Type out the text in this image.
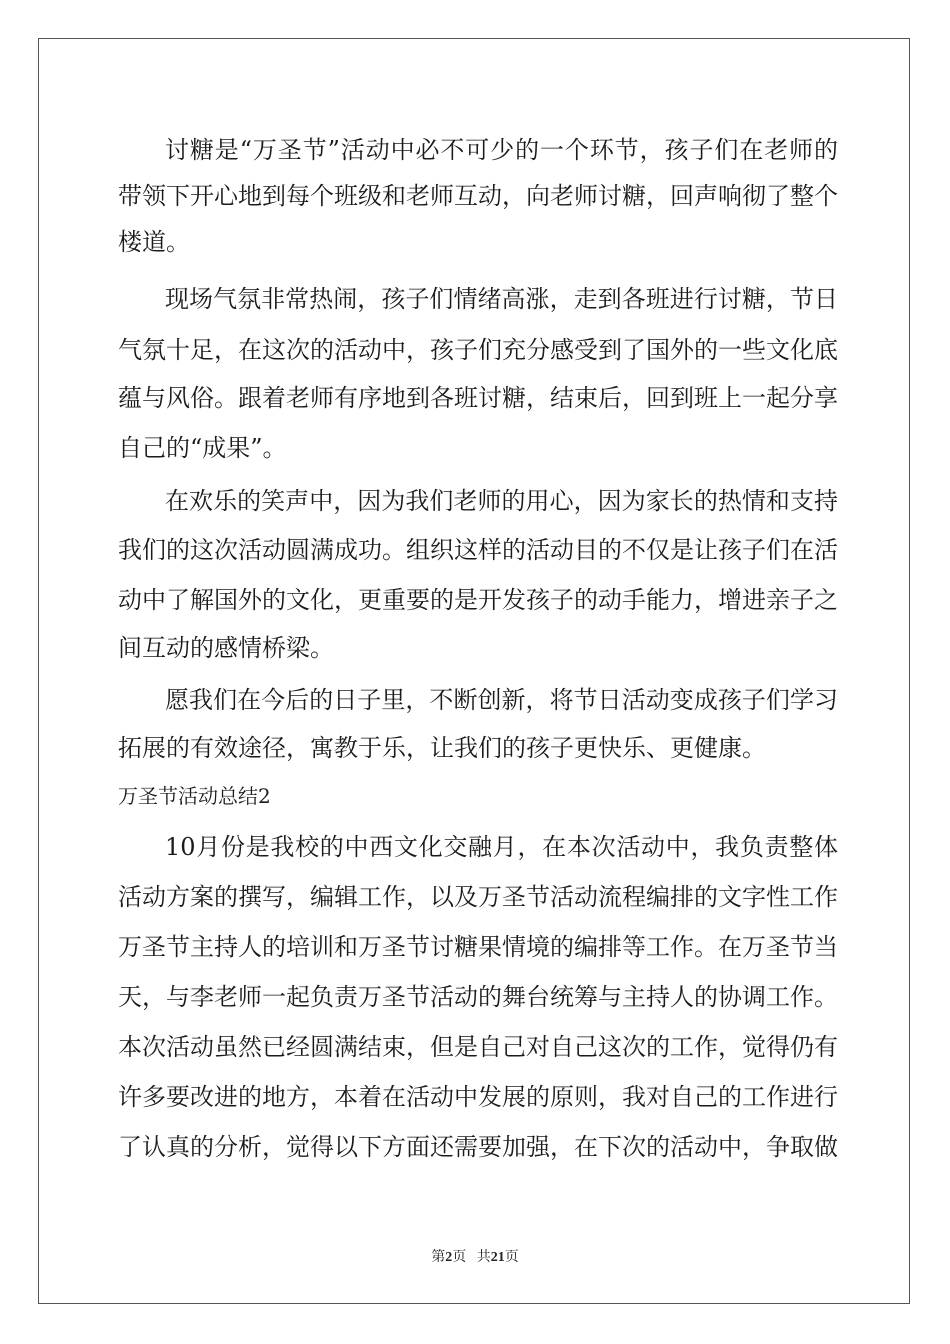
讨糖是“万圣节”活动中必不可少的一个环节，孩子们在老师的

带领下开心地到每个班级和老师互动，向老师讨糖，回声响彻了整个

楼道。

现场气氛非常热闹，孩子们情绪高涨，走到各班进行讨糖，节日

气氛十足，在这次的活动中，孩子们充分感受到了国外的一些文化底

蕴与风俗。跟着老师有序地到各班讨糖，结束后，回到班上一起分享

自己的“成果”。

在欢乐的笑声中，因为我们老师的用心，因为家长的热情和支持

我们的这次活动圆满成功。组织这样的活动目的不仅是让孩子们在活

动中了解国外的文化，更重要的是开发孩子的动手能力，增进亲子之

间互动的感情桥梁。

愿我们在今后的日子里，不断创新，将节日活动变成孩子们学习

拓展的有效途径，寓教于乐，让我们的孩子更快乐、更健康。

万圣节活动总结2

10月份是我校的中西文化交融月，在本次活动中，我负责整体

活动方案的撰写，编辑工作，以及万圣节活动流程编排的文字性工作

万圣节主持人的培训和万圣节讨糖果情境的编排等工作。在万圣节当

天，与李老师一起负责万圣节活动的舞台统筹与主持人的协调工作。

本次活动虽然已经圆满结束，但是自己对自己这次的工作，觉得仍有

许多要改进的地方，本着在活动中发展的原则，我对自己的工作进行

了认真的分析，觉得以下方面还需要加强，在下次的活动中，争取做

第2页 共21页
